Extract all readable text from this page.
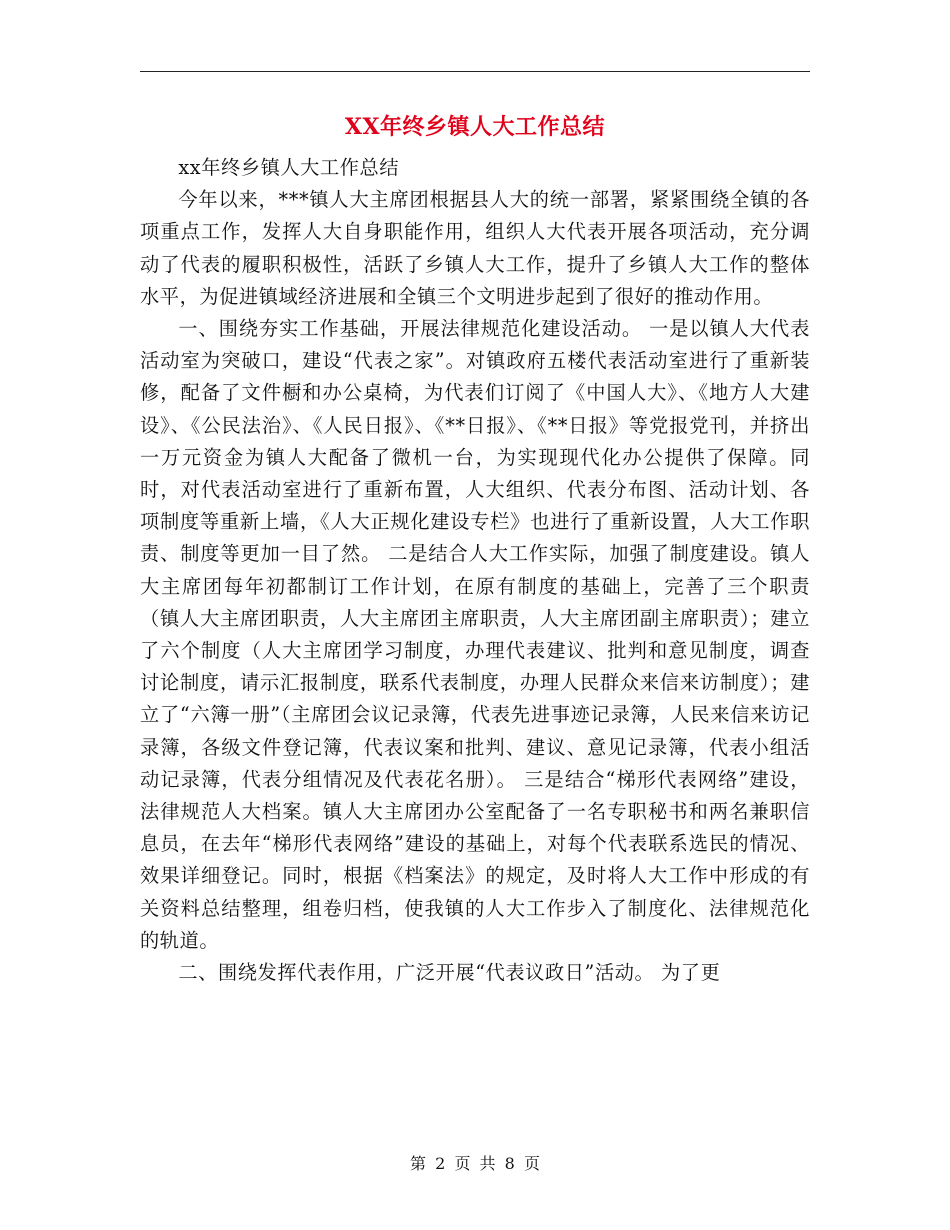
XX年终乡镇人大工作总结

xx年终乡镇人大工作总结

今年以来，***镇人大主席团根据县人大的统一部署，紧紧围绕全镇的各项重点工作，发挥人大自身职能作用，组织人大代表开展各项活动，充分调动了代表的履职积极性，活跃了乡镇人大工作，提升了乡镇人大工作的整体水平，为促进镇域经济进展和全镇三个文明进步起到了很好的推动作用。

一、围绕夯实工作基础，开展法律规范化建设活动。 一是以镇人大代表活动室为突破口，建设“代表之家”。对镇政府五楼代表活动室进行了重新装修，配备了文件橱和办公桌椅，为代表们订阅了《中国人大》、《地方人大建设》、《公民法治》、《人民日报》、《**日报》、《**日报》等党报党刊，并挤出一万元资金为镇人大配备了微机一台，为实现现代化办公提供了保障。同时，对代表活动室进行了重新布置，人大组织、代表分布图、活动计划、各项制度等重新上墙，《人大正规化建设专栏》也进行了重新设置，人大工作职责、制度等更加一目了然。 二是结合人大工作实际，加强了制度建设。镇人大主席团每年初都制订工作计划，在原有制度的基础上，完善了三个职责（镇人大主席团职责，人大主席团主席职责，人大主席团副主席职责）；建立了六个制度（人大主席团学习制度，办理代表建议、批判和意见制度，调查讨论制度，请示汇报制度，联系代表制度，办理人民群众来信来访制度）；建立了“六簿一册”（主席团会议记录簿，代表先进事迹记录簿，人民来信来访记录簿，各级文件登记簿，代表议案和批判、建议、意见记录簿，代表小组活动记录簿，代表分组情况及代表花名册）。 三是结合“梯形代表网络”建设，法律规范人大档案。镇人大主席团办公室配备了一名专职秘书和两名兼职信息员，在去年“梯形代表网络”建设的基础上，对每个代表联系选民的情况、效果详细登记。同时，根据《档案法》的规定，及时将人大工作中形成的有关资料总结整理，组卷归档，使我镇的人大工作步入了制度化、法律规范化的轨道。

二、围绕发挥代表作用，广泛开展“代表议政日”活动。 为了更

第 2 页 共 8 页
